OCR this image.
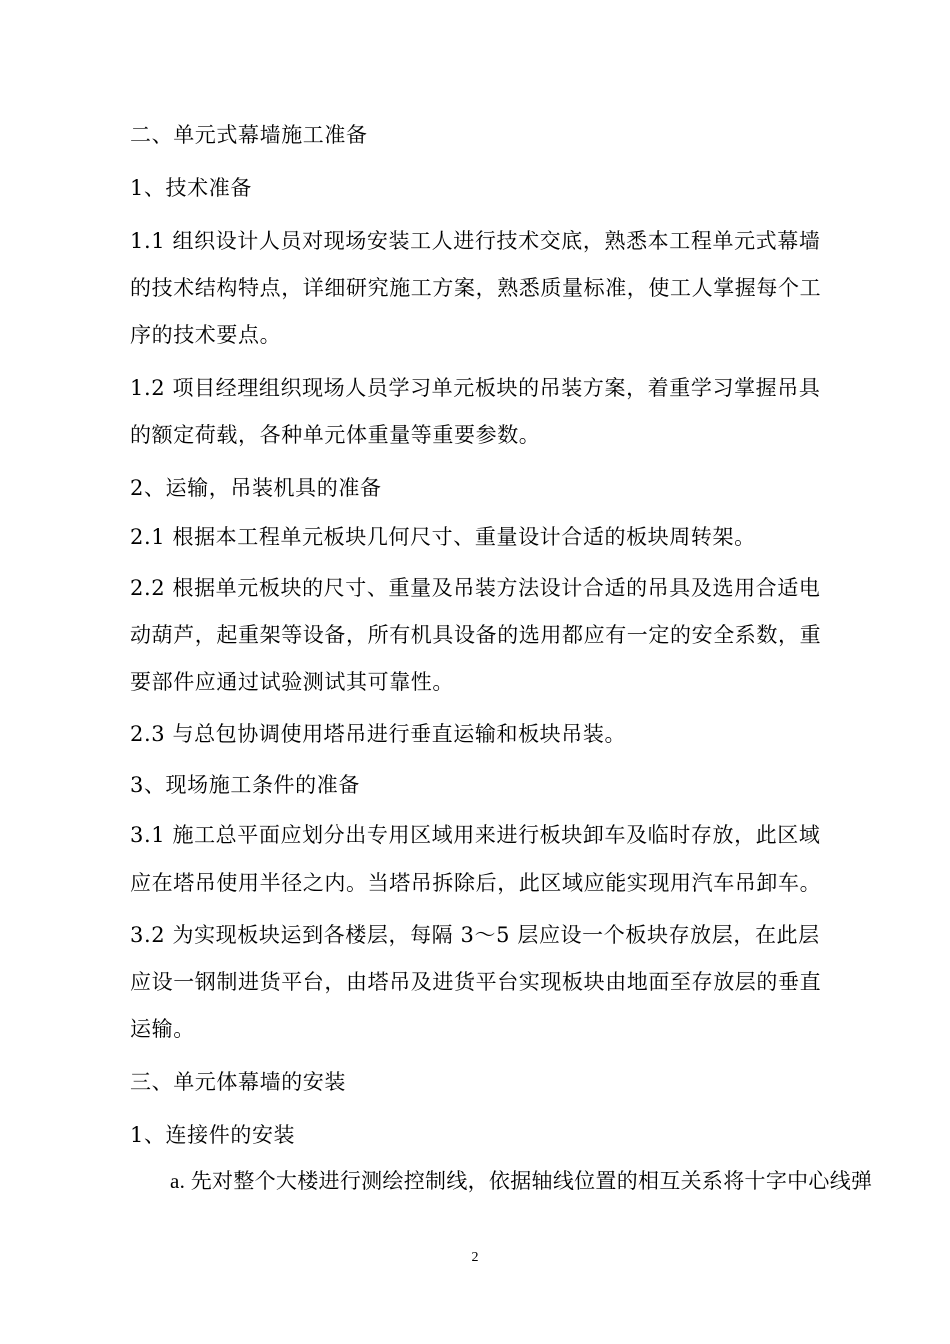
二、单元式幕墙施工准备
1、技术准备
1.1 组织设计人员对现场安装工人进行技术交底，熟悉本工程单元式幕墙
的技术结构特点，详细研究施工方案，熟悉质量标准，使工人掌握每个工
序的技术要点。
1.2 项目经理组织现场人员学习单元板块的吊装方案，着重学习掌握吊具
的额定荷载，各种单元体重量等重要参数。
2、运输，吊装机具的准备
2.1 根据本工程单元板块几何尺寸、重量设计合适的板块周转架。
2.2 根据单元板块的尺寸、重量及吊装方法设计合适的吊具及选用合适电
动葫芦，起重架等设备，所有机具设备的选用都应有一定的安全系数，重
要部件应通过试验测试其可靠性。
2.3 与总包协调使用塔吊进行垂直运输和板块吊装。
3、现场施工条件的准备
3.1 施工总平面应划分出专用区域用来进行板块卸车及临时存放，此区域
应在塔吊使用半径之内。当塔吊拆除后，此区域应能实现用汽车吊卸车。
3.2 为实现板块运到各楼层，每隔 3～5 层应设一个板块存放层，在此层
应设一钢制进货平台，由塔吊及进货平台实现板块由地面至存放层的垂直
运输。
三、单元体幕墙的安装
1、连接件的安装
a. 先对整个大楼进行测绘控制线，依据轴线位置的相互关系将十字中心线弹
2
